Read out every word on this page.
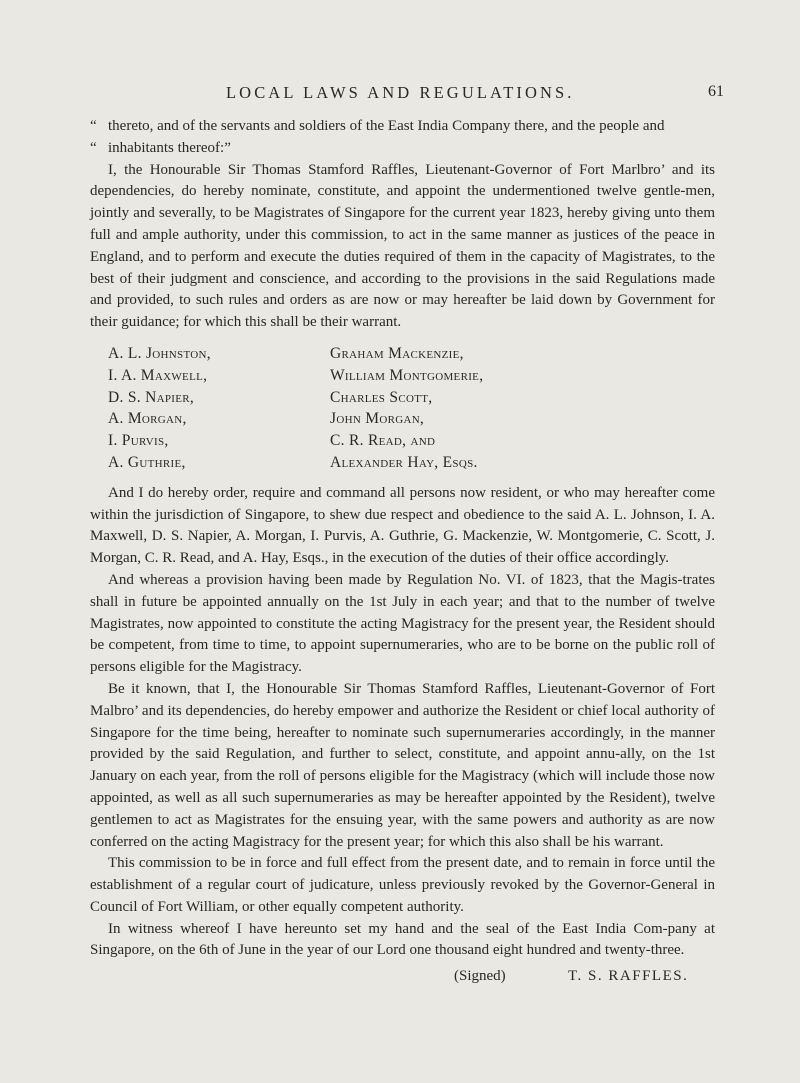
LOCAL LAWS AND REGULATIONS.	61

“ thereto, and of the servants and soldiers of the East India Company there, and the people and

“ inhabitants thereof:”

I, the Honourable Sir Thomas Stamford Raffles, Lieutenant-Governor of Fort Marlbro’ and its dependencies, do hereby nominate, constitute, and appoint the undermentioned twelve gentle-men, jointly and severally, to be Magistrates of Singapore for the current year 1823, hereby giving unto them full and ample authority, under this commission, to act in the same manner as justices of the peace in England, and to perform and execute the duties required of them in the capacity of Magistrates, to the best of their judgment and conscience, and according to the provisions in the said Regulations made and provided, to such rules and orders as are now or may hereafter be laid down by Government for their guidance; for which this shall be their warrant.

A. L. Johnston,
I. A. Maxwell,
D. S. Napier,
A. Morgan,
I. Purvis,
A. Guthrie,
Graham Mackenzie,
William Montgomerie,
Charles Scott,
John Morgan,
C. R. Read, and
Alexander Hay, Esqs.

And I do hereby order, require and command all persons now resident, or who may hereafter come within the jurisdiction of Singapore, to shew due respect and obedience to the said A. L. Johnson, I. A. Maxwell, D. S. Napier, A. Morgan, I. Purvis, A. Guthrie, G. Mackenzie, W. Montgomerie, C. Scott, J. Morgan, C. R. Read, and A. Hay, Esqs., in the execution of the duties of their office accordingly.

And whereas a provision having been made by Regulation No. VI. of 1823, that the Magis-trates shall in future be appointed annually on the 1st July in each year; and that to the number of twelve Magistrates, now appointed to constitute the acting Magistracy for the present year, the Resident should be competent, from time to time, to appoint supernumeraries, who are to be borne on the public roll of persons eligible for the Magistracy.

Be it known, that I, the Honourable Sir Thomas Stamford Raffles, Lieutenant-Governor of Fort Malbro’ and its dependencies, do hereby empower and authorize the Resident or chief local authority of Singapore for the time being, hereafter to nominate such supernumeraries accordingly, in the manner provided by the said Regulation, and further to select, constitute, and appoint annu-ally, on the 1st January on each year, from the roll of persons eligible for the Magistracy (which will include those now appointed, as well as all such supernumeraries as may be hereafter appointed by the Resident), twelve gentlemen to act as Magistrates for the ensuing year, with the same powers and authority as are now conferred on the acting Magistracy for the present year; for which this also shall be his warrant.

This commission to be in force and full effect from the present date, and to remain in force until the establishment of a regular court of judicature, unless previously revoked by the Governor-General in Council of Fort William, or other equally competent authority.

In witness whereof I have hereunto set my hand and the seal of the East India Com-pany at Singapore, on the 6th of June in the year of our Lord one thousand eight hundred and twenty-three.

(Signed)	T. S. RAFFLES.
